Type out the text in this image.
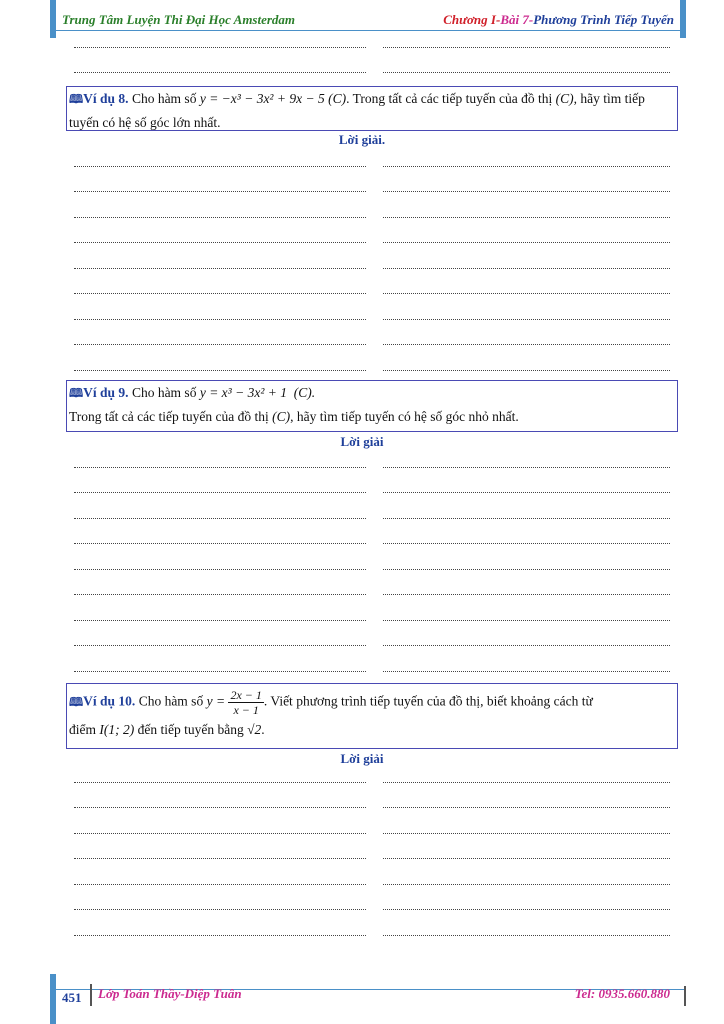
Trung Tâm Luyện Thi Đại Học Amsterdam	Chương I-Bài 7-Phương Trình Tiếp Tuyến
🕮Ví dụ 8. Cho hàm số y = −x³ − 3x² + 9x − 5 (C). Trong tất cả các tiếp tuyến của đồ thị (C), hãy tìm tiếp tuyến có hệ số góc lớn nhất.
Lời giải.
🕮Ví dụ 9. Cho hàm số y = x³ − 3x² + 1 (C).
Trong tất cả các tiếp tuyến của đồ thị (C), hãy tìm tiếp tuyến có hệ số góc nhỏ nhất.
Lời giải
🕮Ví dụ 10. Cho hàm số $y = \frac{2x - 1}{x - 1}$ . Viết phương trình tiếp tuyến của đồ thị, biết khoảng cách từ
điểm I(1; 2) đến tiếp tuyến bằng √2.
Lời giải
451 Lớp Toán Thầy-Diệp Tuân	Tel: 0935.660.880
